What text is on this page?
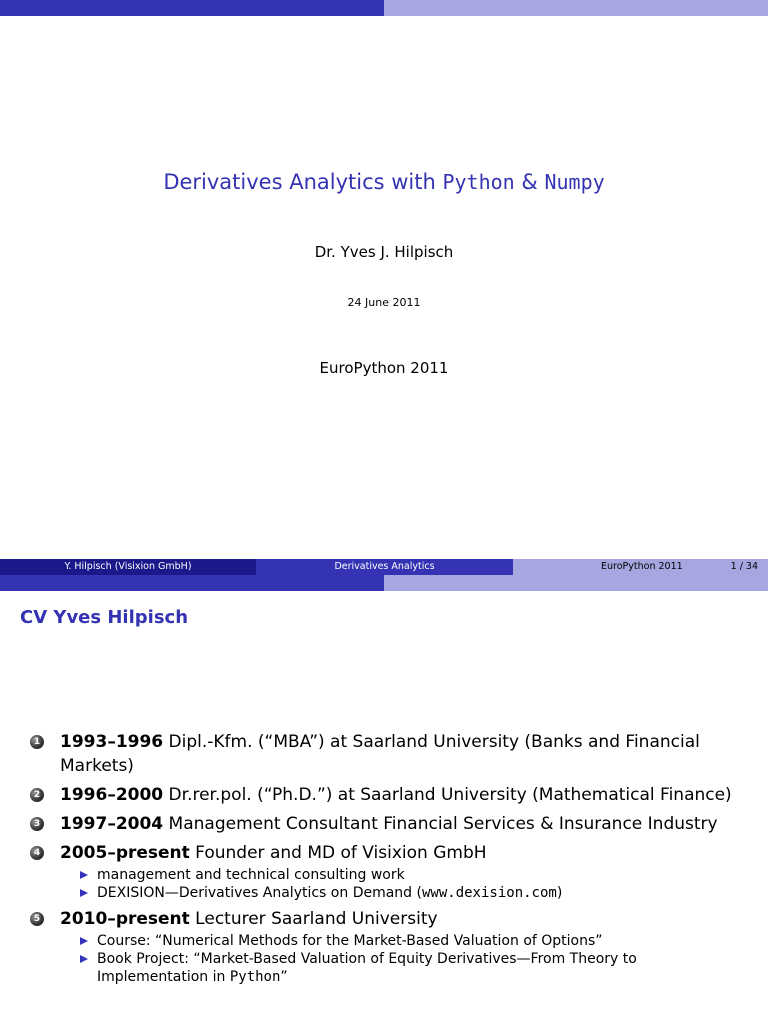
Derivatives Analytics with Python & Numpy
Dr. Yves J. Hilpisch
24 June 2011
EuroPython 2011
Y. Hilpisch (Visixion GmbH)	Derivatives Analytics	EuroPython 2011	1 / 34
CV Yves Hilpisch
1 1993–1996 Dipl.-Kfm. (“MBA”) at Saarland University (Banks and Financial Markets)
2 1996–2000 Dr.rer.pol. (“Ph.D.”) at Saarland University (Mathematical Finance)
3 1997–2004 Management Consultant Financial Services & Insurance Industry
4 2005–present Founder and MD of Visixion GmbH
management and technical consulting work
DEXISION—Derivatives Analytics on Demand (www.dexision.com)
5 2010–present Lecturer Saarland University
Course: “Numerical Methods for the Market-Based Valuation of Options”
Book Project: “Market-Based Valuation of Equity Derivatives—From Theory to Implementation in Python”
